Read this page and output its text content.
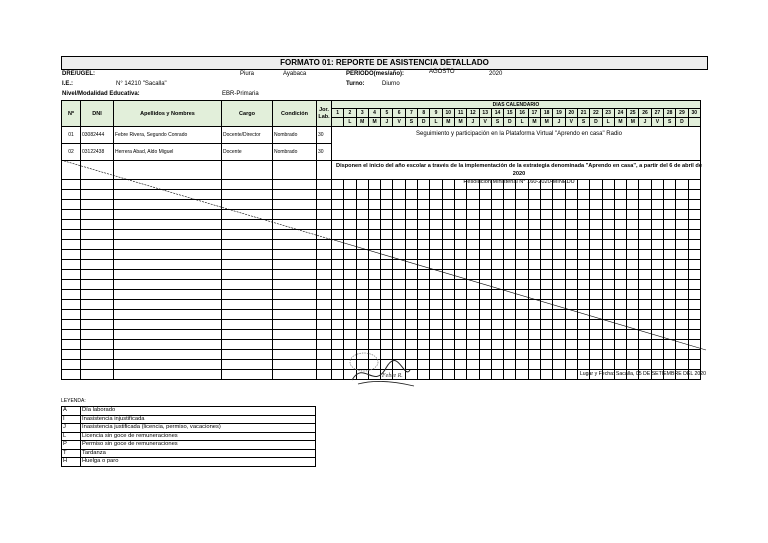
FORMATO 01: REPORTE DE ASISTENCIA DETALLADO
DRE/UGEL:	Piura	Ayabaca	PERIODO(mes/año):	AGOSTO	2020
I.E.:	N° 14210 "Sacalla"	Turno:	Diurno
Nivel/Modalidad Educativa:	EBR-Primaria
Nº	DNI	Apellidos y Nombres	Cargo	Condición	Jor. Lab.	DIAS CALENDARIO																													
						1	2	3	4	5	6	7	8	9	10	11	12	13	14	15	16	17	18	19	20	21	22	23	24	25	26	27	28	29	30
							L	M	M	J	V	S	D	L	M	M	J	V	S	D	L	M	M	J	V	S	D	L	M	M	J	V	S	D	
01	03082444	Febre Rivera, Segundo Conrado	Docente/Director	Nombrado	30																														
02	03122438	Herrera Abad, Aldo Miguel	Docente	Nombrado	30																														

Seguimiento y participación en la Plataforma Virtual "Aprendo en casa" Radio
Disponen el inicio del año escolar a través de la implementación de la estrategia denominada "Aprendo en casa", a partir del 6 de abril de 2020
Resolución Ministerial N° 160-2020-MINEDU
Febre R.	Lugar y Fecha: Sacalla, 05 DE SETIEMBRE DEL 2020
LEYENDA:
A	Día laborado
I	Inasistencia injustificada
J	Inasistencia justificada (licencia, permiso, vacaciones)
L	Licencia sin goce de remuneraciones
P	Permiso sin goce de remuneraciones
T	Tardanza
H	Huelga o paro
